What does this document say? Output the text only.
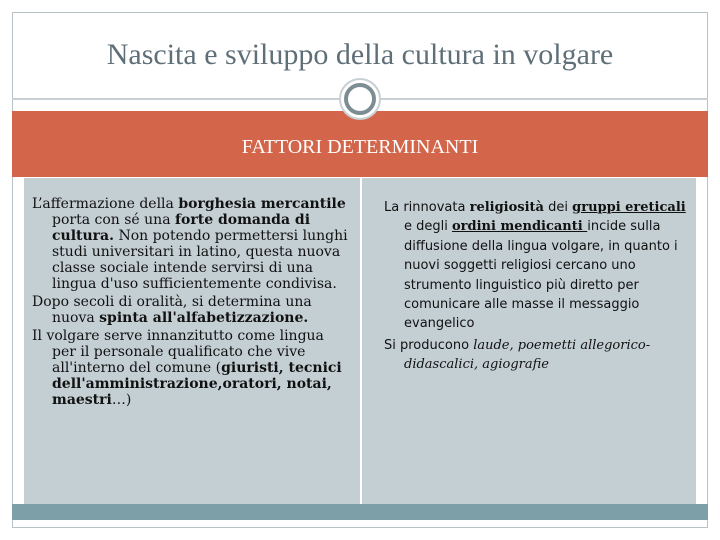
Nascita e sviluppo della cultura in volgare
FATTORI DETERMINANTI

L’affermazione della borghesia mercantile porta con sé una forte domanda di cultura. Non potendo permettersi lunghi studi universitari in latino, questa nuova classe sociale intende servirsi di una lingua d'uso sufficientemente condivisa.

Dopo secoli di oralità, si determina una nuova spinta all'alfabetizzazione.

Il volgare serve innanzitutto come lingua per il personale qualificato che vive all'interno del comune (giuristi, tecnici dell'amministrazione,oratori, notai, maestri…)

La rinnovata religiosità dei gruppi ereticali e degli ordini mendicanti incide sulla diffusione della lingua volgare, in quanto i nuovi soggetti religiosi cercano uno strumento linguistico più diretto per comunicare alle masse il messaggio evangelico

Si producono laude, poemetti allegorico-didascalici, agiografie
